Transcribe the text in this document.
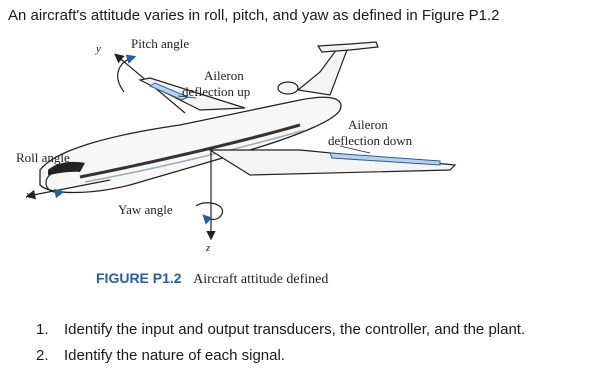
An aircraft's attitude varies in roll, pitch, and yaw as defined in Figure P1.2
Pitch angle
y
Aileron
deflection up
Aileron
deflection down
Roll angle
x
Yaw angle
z
FIGURE P1.2 Aircraft attitude defined
1. Identify the input and output transducers, the controller, and the plant.
2. Identify the nature of each signal.
